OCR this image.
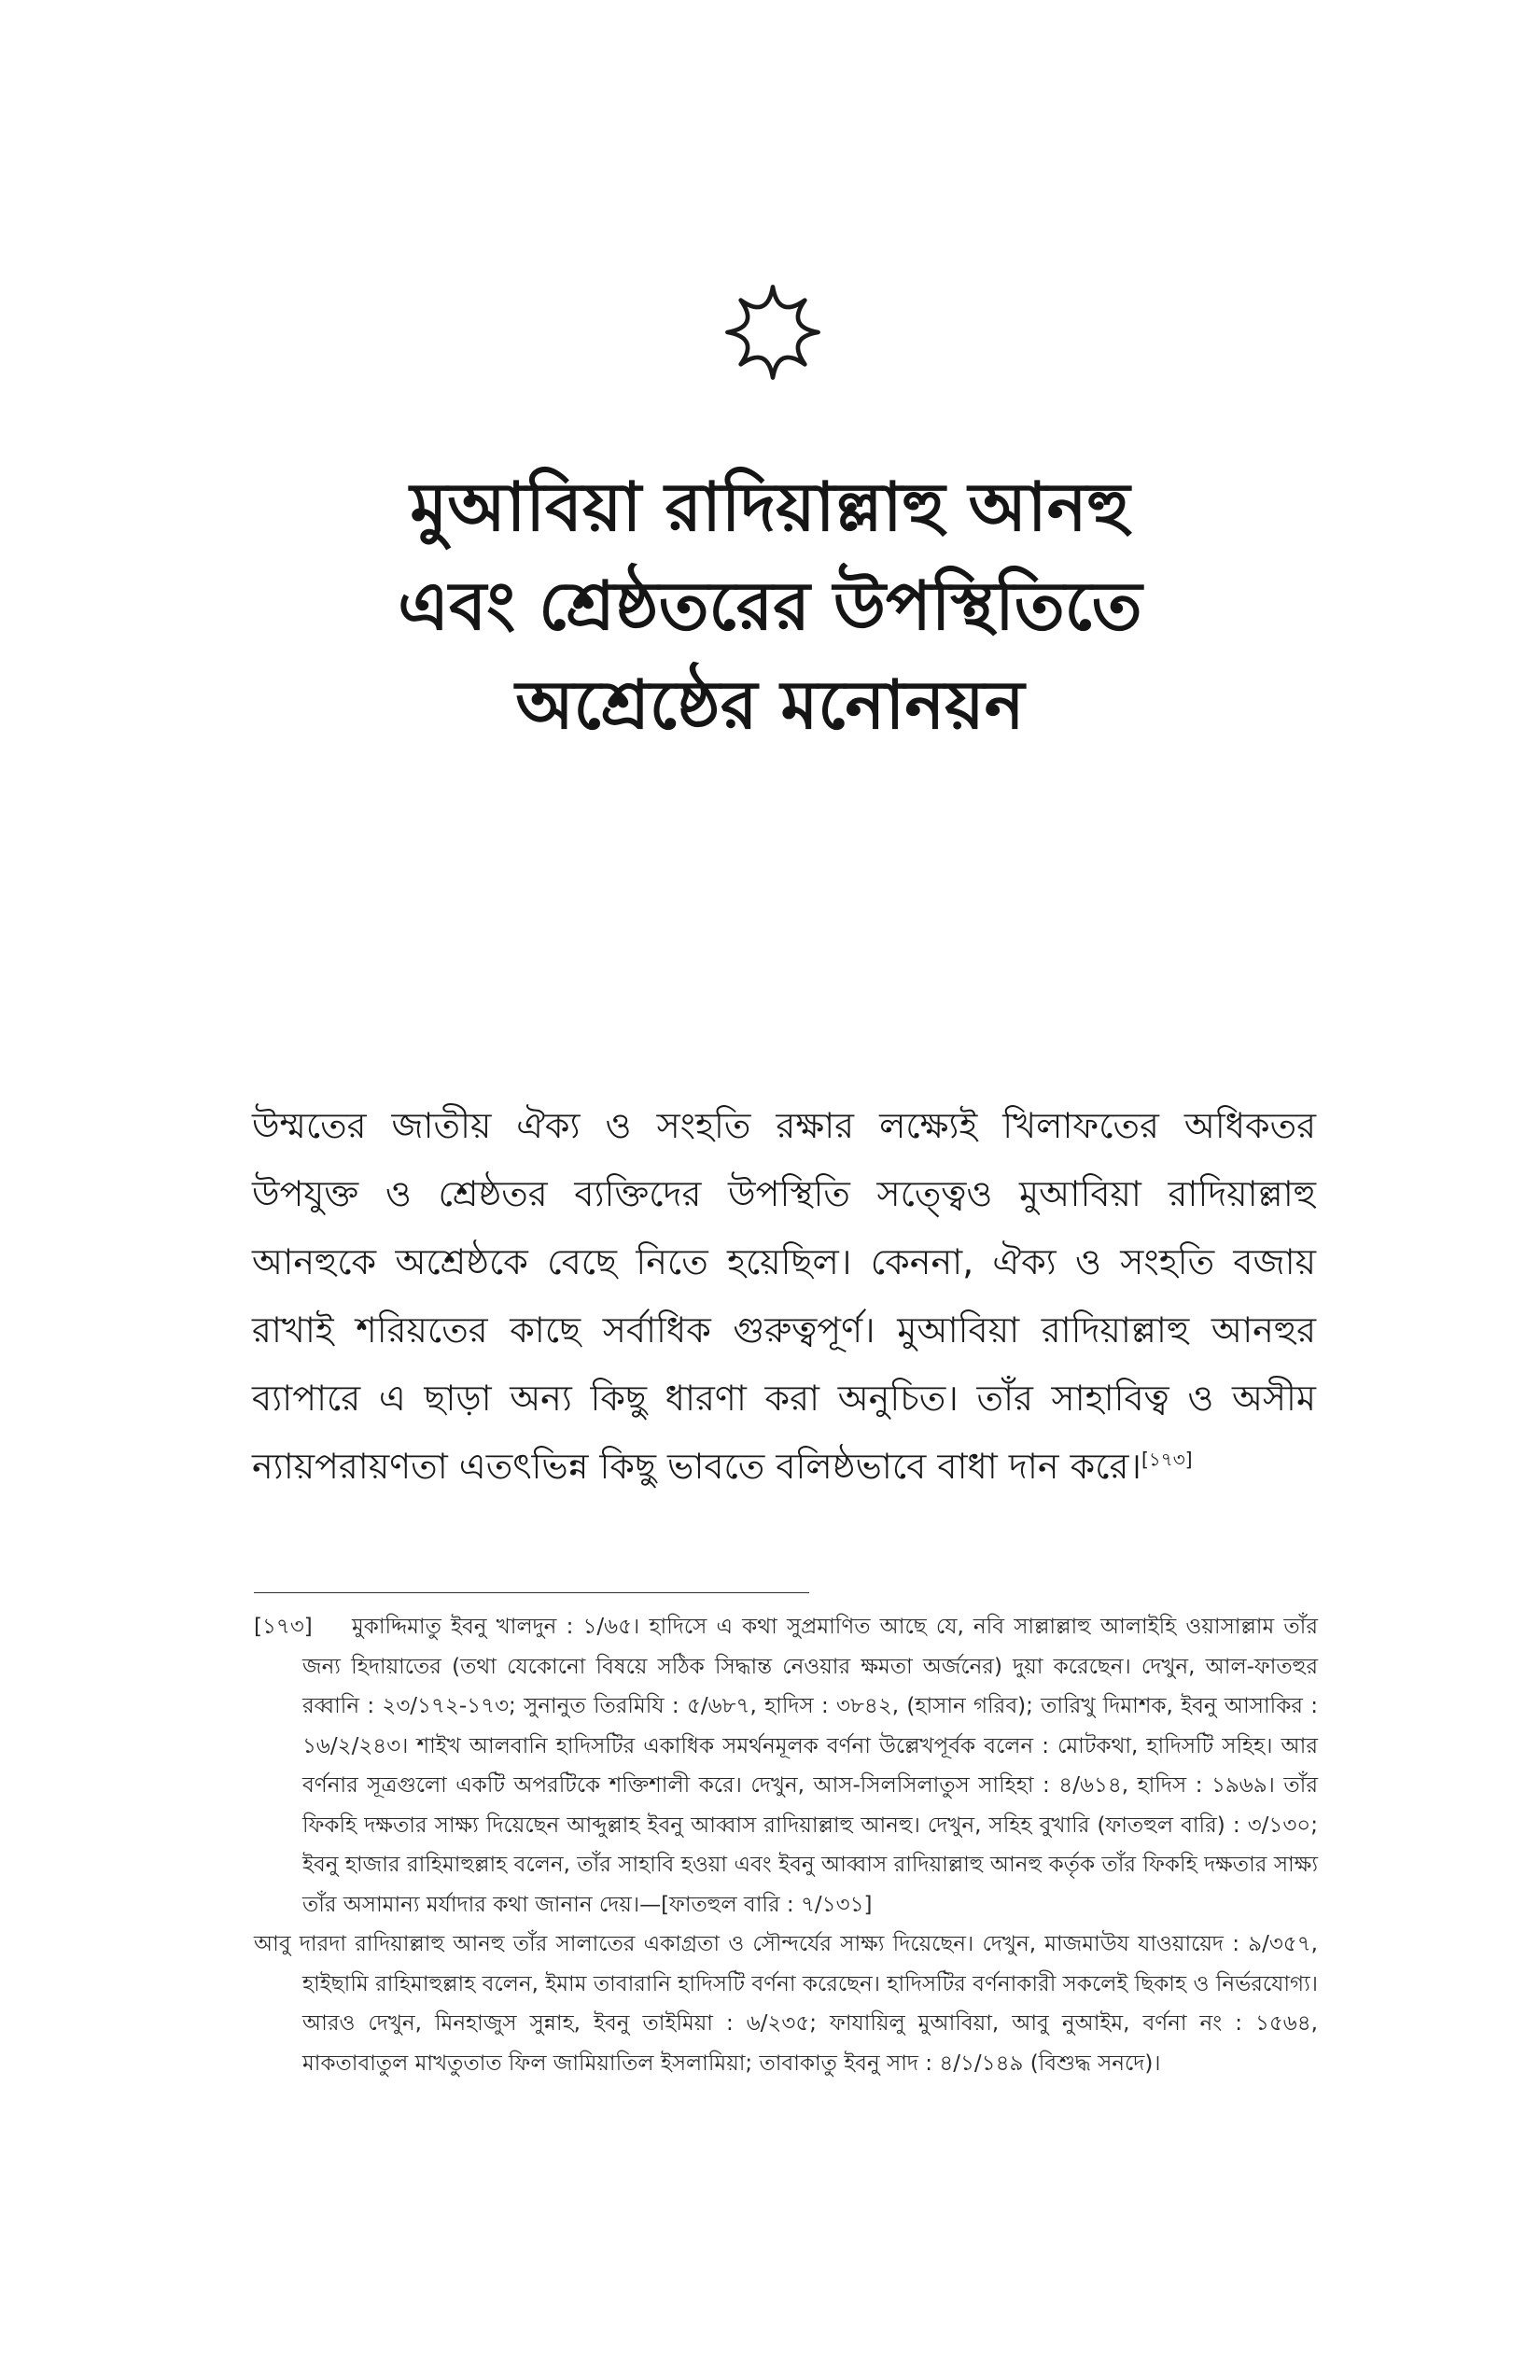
মুআবিয়া রাদিয়াল্লাহু আনহু
এবং শ্রেষ্ঠতরের উপস্থিতিতে
অশ্রেষ্ঠের মনোনয়ন
উম্মতের জাতীয় ঐক্য ও সংহতি রক্ষার লক্ষ্যেই খিলাফতের অধিকতর উপযুক্ত ও শ্রেষ্ঠতর ব্যক্তিদের উপস্থিতি সত্ত্বেও মুআবিয়া রাদিয়াল্লাহু আনহুকে অশ্রেষ্ঠকে বেছে নিতে হয়েছিল। কেননা, ঐক্য ও সংহতি বজায় রাখাই শরিয়তের কাছে সর্বাধিক গুরুত্বপূর্ণ। মুআবিয়া রাদিয়াল্লাহু আনহুর ব্যাপারে এ ছাড়া অন্য কিছু ধারণা করা অনুচিত। তাঁর সাহাবিত্ব ও অসীম ন্যায়পরায়ণতা এতৎভিন্ন কিছু ভাবতে বলিষ্ঠভাবে বাধা দান করে।[১৭৩]
[১৭৩] মুকাদ্দিমাতু ইবনু খালদুন : ১/৬৫। হাদিসে এ কথা সুপ্রমাণিত আছে যে, নবি সাল্লাল্লাহু আলাইহি ওয়াসাল্লাম তাঁর জন্য হিদায়াতের (তথা যেকোনো বিষয়ে সঠিক সিদ্ধান্ত নেওয়ার ক্ষমতা অর্জনের) দুয়া করেছেন। দেখুন, আল-ফাতহুর রব্বানি : ২৩/১৭২-১৭৩; সুনানুত তিরমিযি : ৫/৬৮৭, হাদিস : ৩৮৪২, (হাসান গরিব); তারিখু দিমাশক, ইবনু আসাকির : ১৬/২/২৪৩। শাইখ আলবানি হাদিসটির একাধিক সমর্থনমূলক বর্ণনা উল্লেখপূর্বক বলেন : মোটকথা, হাদিসটি সহিহ। আর বর্ণনার সূত্রগুলো একটি অপরটিকে শক্তিশালী করে। দেখুন, আস-সিলসিলাতুস সাহিহা : ৪/৬১৪, হাদিস : ১৯৬৯। তাঁর ফিকহি দক্ষতার সাক্ষ্য দিয়েছেন আব্দুল্লাহ ইবনু আব্বাস রাদিয়াল্লাহু আনহু। দেখুন, সহিহ বুখারি (ফাতহুল বারি) : ৩/১৩০; ইবনু হাজার রাহিমাহুল্লাহ বলেন, তাঁর সাহাবি হওয়া এবং ইবনু আব্বাস রাদিয়াল্লাহু আনহু কর্তৃক তাঁর ফিকহি দক্ষতার সাক্ষ্য তাঁর অসামান্য মর্যাদার কথা জানান দেয়।—[ফাতহুল বারি : ৭/১৩১]
আবু দারদা রাদিয়াল্লাহু আনহু তাঁর সালাতের একাগ্রতা ও সৌন্দর্যের সাক্ষ্য দিয়েছেন। দেখুন, মাজমাউয যাওয়ায়েদ : ৯/৩৫৭, হাইছামি রাহিমাহুল্লাহ বলেন, ইমাম তাবারানি হাদিসটি বর্ণনা করেছেন। হাদিসটির বর্ণনাকারী সকলেই ছিকাহ ও নির্ভরযোগ্য। আরও দেখুন, মিনহাজুস সুন্নাহ, ইবনু তাইমিয়া : ৬/২৩৫; ফাযায়িলু মুআবিয়া, আবু নুআইম, বর্ণনা নং : ১৫৬৪, মাকতাবাতুল মাখতুতাত ফিল জামিয়াতিল ইসলামিয়া; তাবাকাতু ইবনু সাদ : ৪/১/১৪৯ (বিশুদ্ধ সনদে)।
